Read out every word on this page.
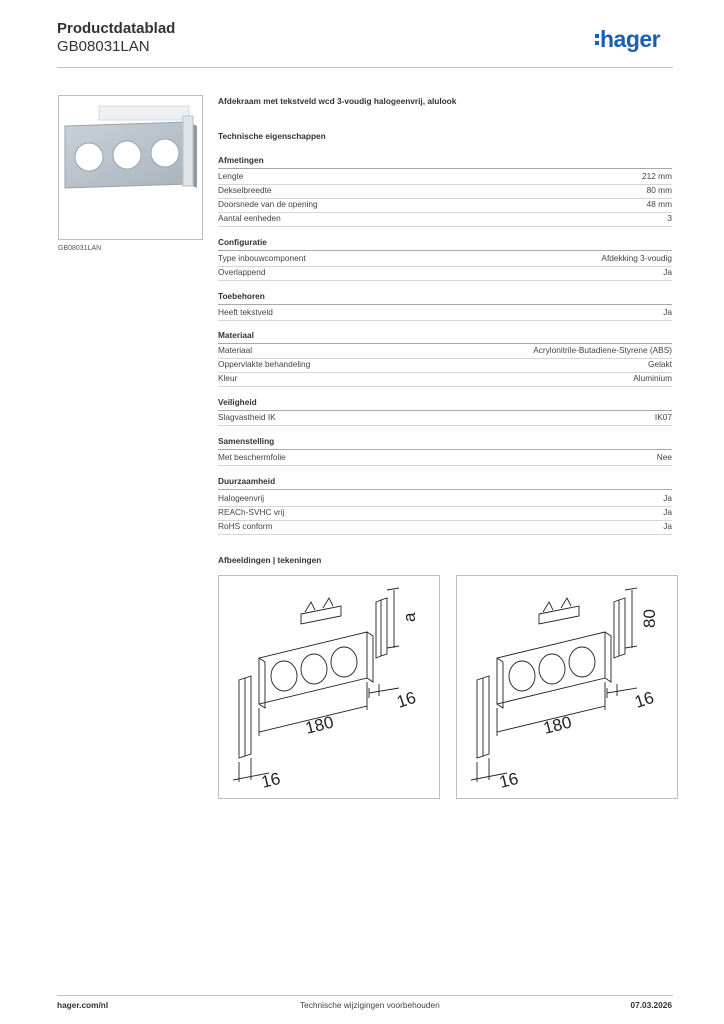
Productdatablad
GB08031LAN	hager
GB08031LAN
Afdekraam met tekstveld wcd 3-voudig halogeenvrij, alulook
Technische eigenschappen
Afmetingen
Lengte	212 mm
Dekselbreedte	80 mm
Doorsnede van de opening	48 mm
Aantal eenheden	3
Configuratie
Type inbouwcomponent	Afdekking 3-voudig
Overlappend	Ja
Toebehoren
Heeft tekstveld	Ja
Materiaal
Materiaal	Acrylonitrile-Butadiene-Styrene (ABS)
Oppervlakte behandeling	Gelakt
Kleur	Aluminium
Veiligheid
Slagvastheid IK	IK07
Samenstelling
Met beschermfolie	Nee
Duurzaamheid
Halogeenvrij	Ja
REACh-SVHC vrij	Ja
RoHS conform	Ja
Afbeeldingen | tekeningen
a
16
180
16
80
16
180
16
hager.com/nl	Technische wijzigingen voorbehouden	07.03.2026
